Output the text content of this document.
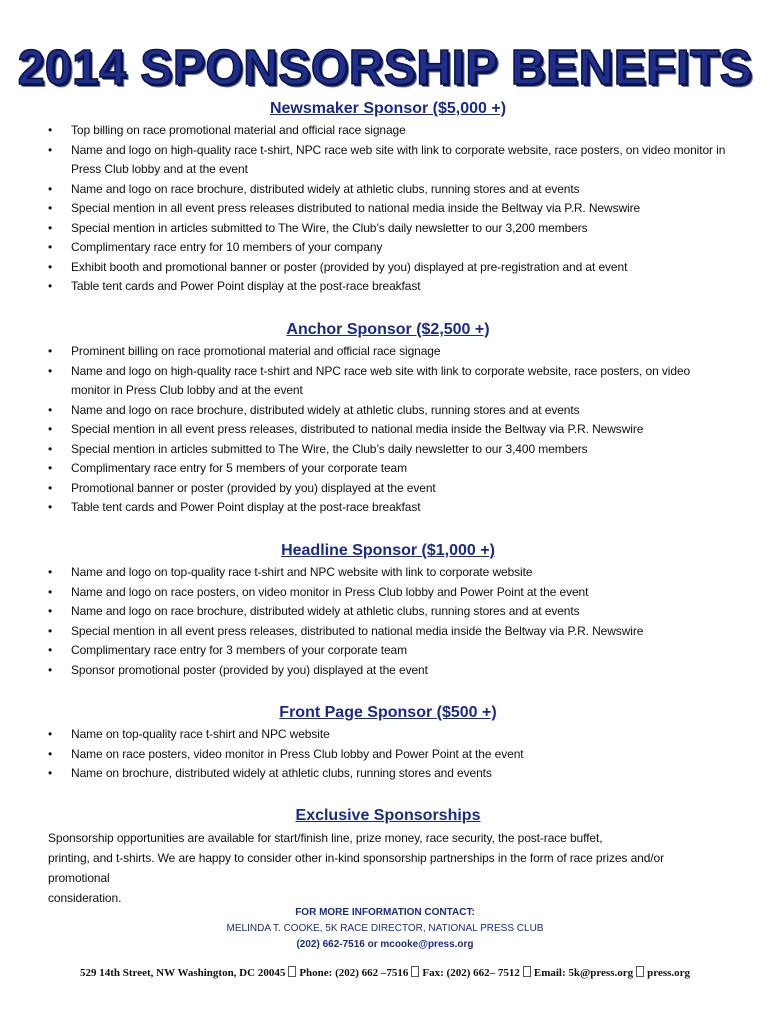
2014 SPONSORSHIP BENEFITS
Newsmaker Sponsor ($5,000 +)
• Top billing on race promotional material and official race signage
• Name and logo on high-quality race t-shirt, NPC race web site with link to corporate website, race posters, on video monitor in Press Club lobby and at the event
• Name and logo on race brochure, distributed widely at athletic clubs, running stores and at events
• Special mention in all event press releases distributed to national media inside the Beltway via P.R. Newswire
• Special mention in articles submitted to The Wire, the Club’s daily newsletter to our 3,200 members
• Complimentary race entry for 10 members of your company
• Exhibit booth and promotional banner or poster (provided by you) displayed at pre-registration and at event
• Table tent cards and Power Point display at the post-race breakfast
Anchor Sponsor ($2,500 +)
• Prominent billing on race promotional material and official race signage
• Name and logo on high-quality race t-shirt and NPC race web site with link to corporate website, race posters, on video monitor in Press Club lobby and at the event
• Name and logo on race brochure, distributed widely at athletic clubs, running stores and at events
• Special mention in all event press releases, distributed to national media inside the Beltway via P.R. Newswire
• Special mention in articles submitted to The Wire, the Club’s daily newsletter to our 3,400 members
• Complimentary race entry for 5 members of your corporate team
• Promotional banner or poster (provided by you) displayed at the event
• Table tent cards and Power Point display at the post-race breakfast
Headline Sponsor ($1,000 +)
• Name and logo on top-quality race t-shirt and NPC website with link to corporate website
• Name and logo on race posters, on video monitor in Press Club lobby and Power Point at the event
• Name and logo on race brochure, distributed widely at athletic clubs, running stores and at events
• Special mention in all event press releases, distributed to national media inside the Beltway via P.R. Newswire
• Complimentary race entry for 3 members of your corporate team
• Sponsor promotional poster (provided by you) displayed at the event
Front Page Sponsor ($500 +)
• Name on top-quality race t-shirt and NPC website
• Name on race posters, video monitor in Press Club lobby and Power Point at the event
• Name on brochure, distributed widely at athletic clubs, running stores and events
Exclusive Sponsorships

Sponsorship opportunities are available for start/finish line, prize money, race security, the post-race buffet,

printing, and t-shirts. We are happy to consider other in-kind sponsorship partnerships in the form of race prizes and/or promotional

consideration.

FOR MORE INFORMATION CONTACT:
MELINDA T. COOKE, 5K RACE DIRECTOR, NATIONAL PRESS CLUB
(202) 662-7516 or mcooke@press.org
529 14th Street, NW Washington, DC 20045 Phone: (202) 662 –7516 Fax: (202) 662– 7512 Email: 5k@press.org press.org
